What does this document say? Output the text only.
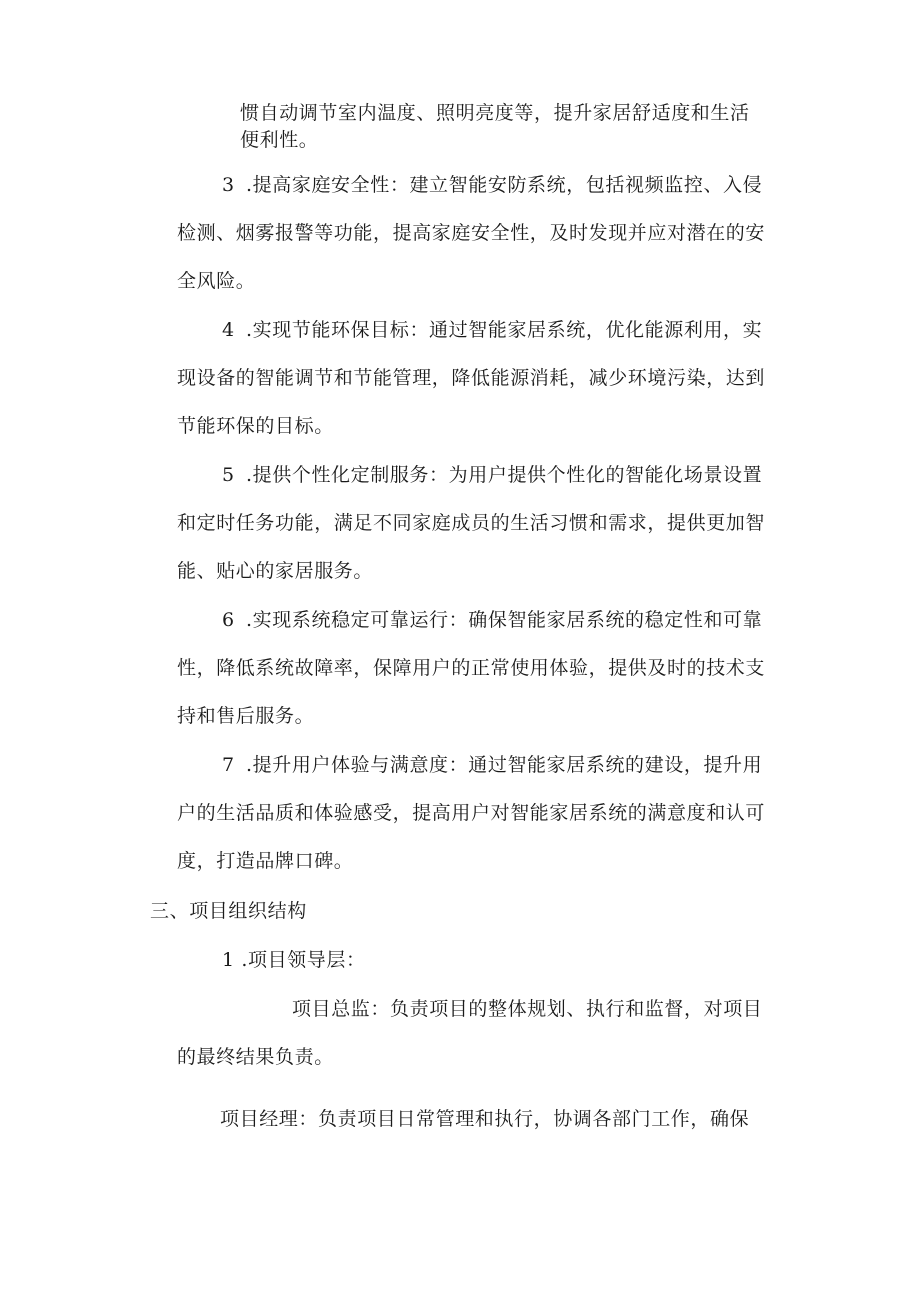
惯自动调节室内温度、照明亮度等，提升家居舒适度和生活
便利性。
3 .提高家庭安全性：建立智能安防系统，包括视频监控、入侵
检测、烟雾报警等功能，提高家庭安全性，及时发现并应对潜在的安
全风险。
4 .实现节能环保目标：通过智能家居系统，优化能源利用，实
现设备的智能调节和节能管理，降低能源消耗，减少环境污染，达到
节能环保的目标。
5 .提供个性化定制服务：为用户提供个性化的智能化场景设置
和定时任务功能，满足不同家庭成员的生活习惯和需求，提供更加智
能、贴心的家居服务。
6 .实现系统稳定可靠运行：确保智能家居系统的稳定性和可靠
性，降低系统故障率，保障用户的正常使用体验，提供及时的技术支
持和售后服务。
7 .提升用户体验与满意度：通过智能家居系统的建设，提升用
户的生活品质和体验感受，提高用户对智能家居系统的满意度和认可
度，打造品牌口碑。
三、项目组织结构
1 .项目领导层：
项目总监：负责项目的整体规划、执行和监督，对项目
的最终结果负责。
项目经理：负责项目日常管理和执行，协调各部门工作，确保
